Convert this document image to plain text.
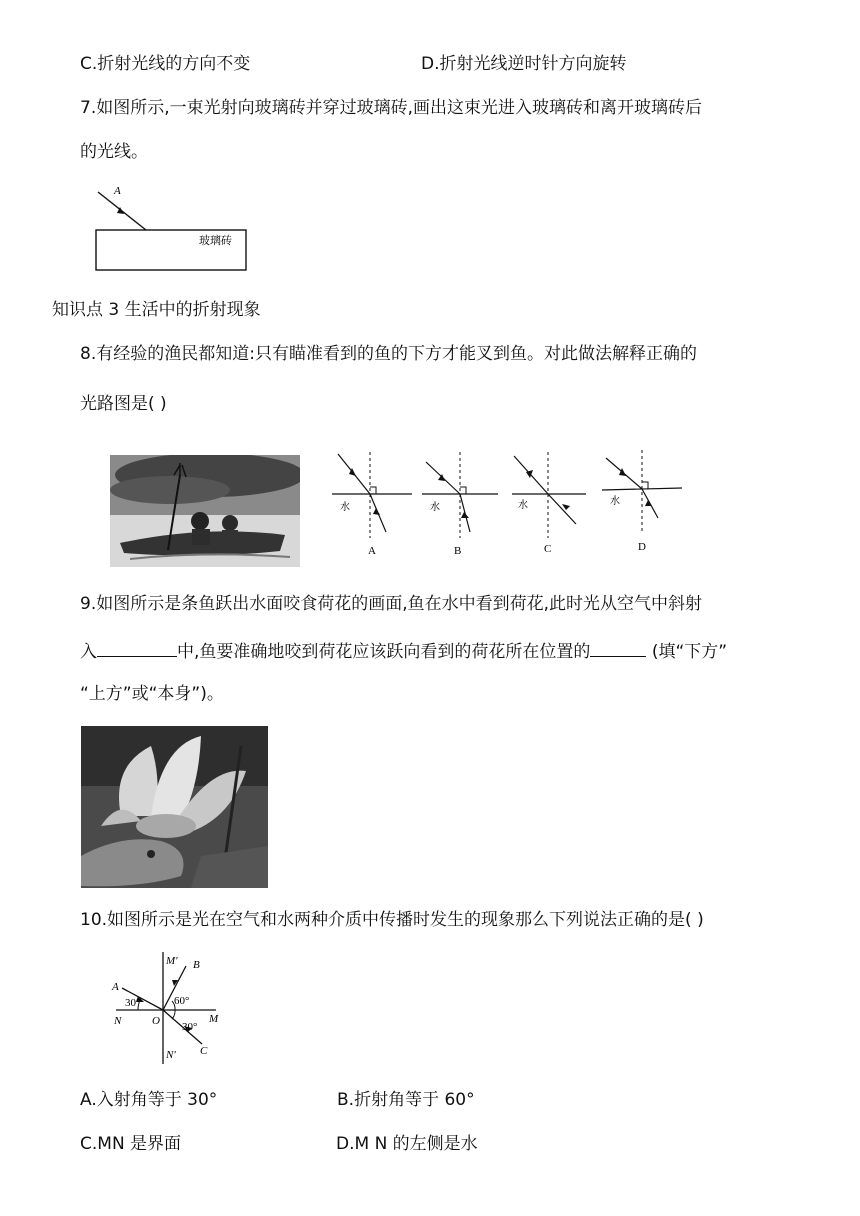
C.折射光线的方向不变	D.折射光线逆时针方向旋转
7.如图所示,一束光射向玻璃砖并穿过玻璃砖,画出这束光进入玻璃砖和离开玻璃砖后
的光线。
A
玻璃砖
知识点 3 生活中的折射现象
8.有经验的渔民都知道:只有瞄准看到的鱼的下方才能叉到鱼。对此做法解释正确的
光路图是( )
水	水	水	水
A	B	C	D
9.如图所示是条鱼跃出水面咬食荷花的画面,鱼在水中看到荷花,此时光从空气中斜射
入	中,鱼要准确地咬到荷花应该跃向看到的荷花所在位置的	(填“下方”
“上方”或“本身”)。
10.如图所示是光在空气和水两种介质中传播时发生的现象那么下列说法正确的是( )
A
B
C
M
N	O
M'
N'
30°	60°
30°
A.入射角等于 30°	B.折射角等于 60°
C.MN 是界面	D.M N 的左侧是水
